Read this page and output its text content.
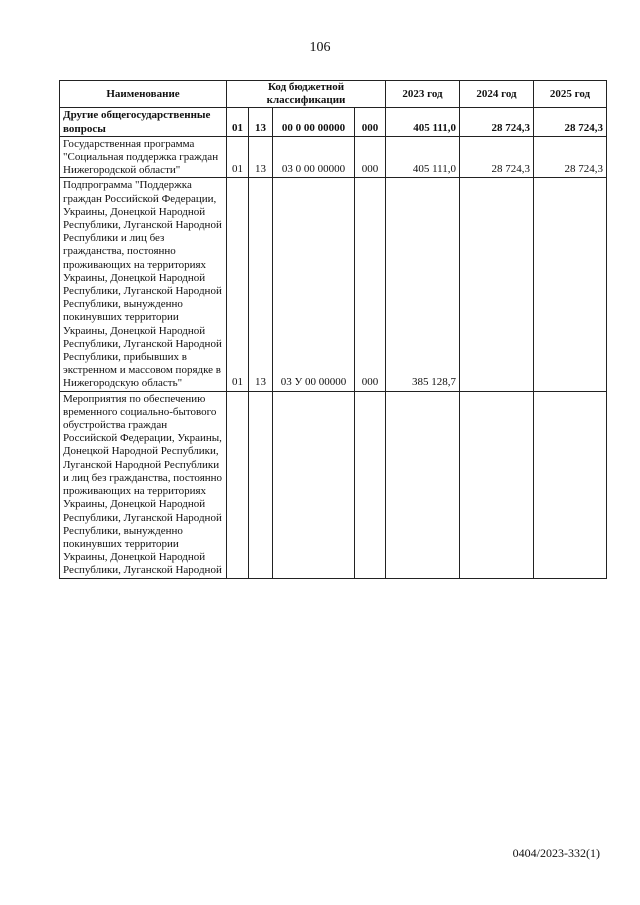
106
Наименование	Код бюджетной классификации				2023 год	2024 год	2025 год
Другие общегосударственные вопросы	01	13	00 0 00 00000	000	405 111,0	28 724,3	28 724,3
Государственная программа "Социальная поддержка граждан Нижегородской области"	01	13	03 0 00 00000	000	405 111,0	28 724,3	28 724,3
Подпрограмма "Поддержка граждан Российской Федерации, Украины, Донецкой Народной Республики, Луганской Народной Республики и лиц без гражданства, постоянно проживающих на территориях Украины, Донецкой Народной Республики, Луганской Народной Республики, вынужденно покинувших территории Украины, Донецкой Народной Республики, Луганской Народной Республики, прибывших в экстренном и массовом порядке в Нижегородскую область"	01	13	03 У 00 00000	000	385 128,7		
Мероприятия по обеспечению временного социально-бытового обустройства граждан Российской Федерации, Украины, Донецкой Народной Республики, Луганской Народной Республики и лиц без гражданства, постоянно проживающих на территориях Украины, Донецкой Народной Республики, Луганской Народной Республики, вынужденно покинувших территории Украины, Донецкой Народной Республики, Луганской Народной							
0404/2023-332(1)
